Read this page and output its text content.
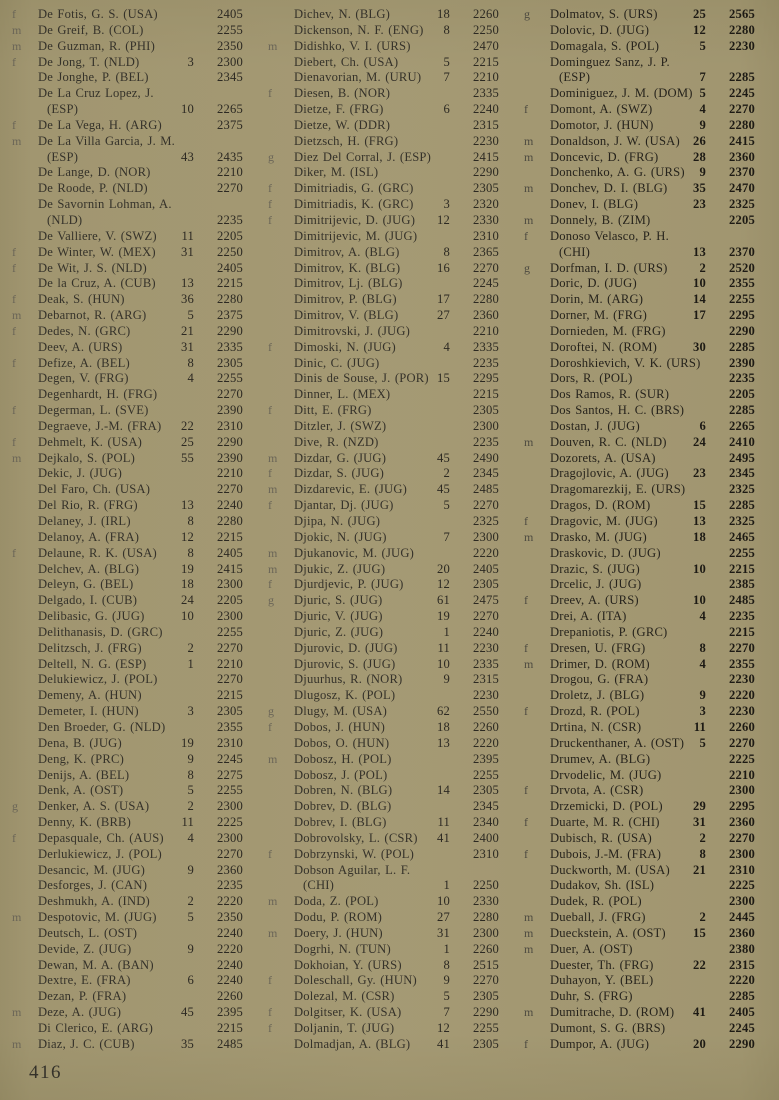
f	De Fotis, G. S. (USA)	2405
m	De Greif, B. (COL)	2255
m	De Guzman, R. (PHI)	2350
f	De Jong, T. (NLD)	3	2300
De Jonghe, P. (BEL)	2345
De La Cruz Lopez, J.
(ESP)	10	2265
f	De La Vega, H. (ARG)	2375
m	De La Villa Garcia, J. M.
(ESP)	43	2435
De Lange, D. (NOR)	2210
De Roode, P. (NLD)	2270
De Savornin Lohman, A.
(NLD)	2235
De Valliere, V. (SWZ)	11	2205
f	De Winter, W. (MEX)	31	2250
f	De Wit, J. S. (NLD)	2405
De la Cruz, A. (CUB)	13	2215
f	Deak, S. (HUN)	36	2280
m	Debarnot, R. (ARG)	5	2375
f	Dedes, N. (GRC)	21	2290
Deev, A. (URS)	31	2335
f	Defize, A. (BEL)	8	2305
Degen, V. (FRG)	4	2255
Degenhardt, H. (FRG)	2270
f	Degerman, L. (SVE)	2390
Degraeve, J.-M. (FRA)	22	2310
f	Dehmelt, K. (USA)	25	2290
m	Dejkalo, S. (POL)	55	2390
Dekic, J. (JUG)	2210
Del Faro, Ch. (USA)	2270
Del Rio, R. (FRG)	13	2240
Delaney, J. (IRL)	8	2280
Delanoy, A. (FRA)	12	2215
f	Delaune, R. K. (USA)	8	2405
Delchev, A. (BLG)	19	2415
Deleyn, G. (BEL)	18	2300
Delgado, I. (CUB)	24	2205
Delibasic, G. (JUG)	10	2300
Delithanasis, D. (GRC)	2255
Delitzsch, J. (FRG)	2	2270
Deltell, N. G. (ESP)	1	2210
Delukiewicz, J. (POL)	2270
Demeny, A. (HUN)	2215
Demeter, I. (HUN)	3	2305
Den Broeder, G. (NLD)	2355
Dena, B. (JUG)	19	2310
Deng, K. (PRC)	9	2245
Denijs, A. (BEL)	8	2275
Denk, A. (OST)	5	2255
g	Denker, A. S. (USA)	2	2300
Denny, K. (BRB)	11	2225
f	Depasquale, Ch. (AUS)	4	2300
Derlukiewicz, J. (POL)	2270
Desancic, M. (JUG)	9	2360
Desforges, J. (CAN)	2235
Deshmukh, A. (IND)	2	2220
m	Despotovic, M. (JUG)	5	2350
Deutsch, L. (OST)	2240
Devide, Z. (JUG)	9	2220
Dewan, M. A. (BAN)	2240
Dextre, E. (FRA)	6	2240
Dezan, P. (FRA)	2260
m	Deze, A. (JUG)	45	2395
Di Clerico, E. (ARG)	2215
m	Diaz, J. C. (CUB)	35	2485
Dichev, N. (BLG)	18	2260
Dickenson, N. F. (ENG)	8	2250
m	Didishko, V. I. (URS)	2470
Diebert, Ch. (USA)	5	2215
Dienavorian, M. (URU)	7	2210
f	Diesen, B. (NOR)	2335
Dietze, F. (FRG)	6	2240
Dietze, W. (DDR)	2315
Dietzsch, H. (FRG)	2230
g	Diez Del Corral, J. (ESP)	2415
Diker, M. (ISL)	2290
f	Dimitriadis, G. (GRC)	2305
f	Dimitriadis, K. (GRC)	3	2320
f	Dimitrijevic, D. (JUG)	12	2330
Dimitrijevic, M. (JUG)	2310
Dimitrov, A. (BLG)	8	2365
Dimitrov, K. (BLG)	16	2270
Dimitrov, Lj. (BLG)	2245
Dimitrov, P. (BLG)	17	2280
Dimitrov, V. (BLG)	27	2360
Dimitrovski, J. (JUG)	2210
f	Dimoski, N. (JUG)	4	2335
Dinic, C. (JUG)	2235
Dinis de Souse, J. (POR) 15	2295
Dinner, L. (MEX)	2215
f	Ditt, E. (FRG)	2305
Ditzler, J. (SWZ)	2300
Dive, R. (NZD)	2235
m	Dizdar, G. (JUG)	45	2490
f	Dizdar, S. (JUG)	2	2345
m	Dizdarevic, E. (JUG)	45	2485
f	Djantar, Dj. (JUG)	5	2270
Djipa, N. (JUG)	2325
Djokic, N. (JUG)	7	2300
m	Djukanovic, M. (JUG)	2220
m	Djukic, Z. (JUG)	20	2405
f	Djurdjevic, P. (JUG)	12	2305
g	Djuric, S. (JUG)	61	2475
Djuric, V. (JUG)	19	2270
Djuric, Z. (JUG)	1	2240
Djurovic, D. (JUG)	11	2230
Djurovic, S. (JUG)	10	2335
Djuurhus, R. (NOR)	9	2315
Dlugosz, K. (POL)	2230
g	Dlugy, M. (USA)	62	2550
f	Dobos, J. (HUN)	18	2260
Dobos, O. (HUN)	13	2220
m	Dobosz, H. (POL)	2395
Dobosz, J. (POL)	2255
Dobren, N. (BLG)	14	2305
Dobrev, D. (BLG)	2345
Dobrev, I. (BLG)	11	2340
Dobrovolsky, L. (CSR)	41	2400
f	Dobrzynski, W. (POL)	2310
Dobson Aguilar, L. F.
(CHI)	1	2250
m	Doda, Z. (POL)	10	2330
Dodu, P. (ROM)	27	2280
m	Doery, J. (HUN)	31	2300
Dogrhi, N. (TUN)	1	2260
Dokhoian, Y. (URS)	8	2515
f	Doleschall, Gy. (HUN)	9	2270
Dolezal, M. (CSR)	5	2305
f	Dolgitser, K. (USA)	7	2290
f	Doljanin, T. (JUG)	12	2255
Dolmadjan, A. (BLG)	41	2305
g	Dolmatov, S. (URS)	25	2565
Dolovic, D. (JUG)	12	2280
Domagala, S. (POL)	5	2230
Dominguez Sanz, J. P.
(ESP)	7	2285
Dominiguez, J. M. (DOM) 5	2245
f	Domont, A. (SWZ)	4	2270
Domotor, J. (HUN)	9	2280
m	Donaldson, J. W. (USA)	26	2415
m	Doncevic, D. (FRG)	28	2360
Donchenko, A. G. (URS)	9	2370
m	Donchev, D. I. (BLG)	35	2470
Donev, I. (BLG)	23	2325
m	Donnely, B. (ZIM)	2205
f	Donoso Velasco, P. H.
(CHI)	13	2370
g	Dorfman, I. D. (URS)	2	2520
Doric, D. (JUG)	10	2355
Dorin, M. (ARG)	14	2255
Dorner, M. (FRG)	17	2295
Dornieden, M. (FRG)	2290
Doroftei, N. (ROM)	30	2285
Doroshkievich, V. K. (URS)	2390
Dors, R. (POL)	2235
Dos Ramos, R. (SUR)	2205
Dos Santos, H. C. (BRS)	2285
Dostan, J. (JUG)	6	2265
m	Douven, R. C. (NLD)	24	2410
Dozorets, A. (USA)	2495
Dragojlovic, A. (JUG)	23	2345
Dragomarezkij, E. (URS)	2325
Dragos, D. (ROM)	15	2285
f	Dragovic, M. (JUG)	13	2325
m	Drasko, M. (JUG)	18	2465
Draskovic, D. (JUG)	2255
Drazic, S. (JUG)	10	2215
Drcelic, J. (JUG)	2385
f	Dreev, A. (URS)	10	2485
Drei, A. (ITA)	4	2235
Drepaniotis, P. (GRC)	2215
f	Dresen, U. (FRG)	8	2270
m	Drimer, D. (ROM)	4	2355
Drogou, G. (FRA)	2230
Droletz, J. (BLG)	9	2220
f	Drozd, R. (POL)	3	2230
Drtina, N. (CSR)	11	2260
Druckenthaner, A. (OST)	5	2270
Drumev, A. (BLG)	2225
Drvodelic, M. (JUG)	2210
f	Drvota, A. (CSR)	2300
Drzemicki, D. (POL)	29	2295
f	Duarte, M. R. (CHI)	31	2360
Dubisch, R. (USA)	2	2270
f	Dubois, J.-M. (FRA)	8	2300
Duckworth, M. (USA)	21	2310
Dudakov, Sh. (ISL)	2225
Dudek, R. (POL)	2300
m	Dueball, J. (FRG)	2	2445
m	Dueckstein, A. (OST)	15	2360
m	Duer, A. (OST)	2380
Duester, Th. (FRG)	22	2315
Duhayon, Y. (BEL)	2220
Duhr, S. (FRG)	2285
m	Dumitrache, D. (ROM)	41	2405
Dumont, S. G. (BRS)	2245
f	Dumpor, A. (JUG)	20	2290
416
